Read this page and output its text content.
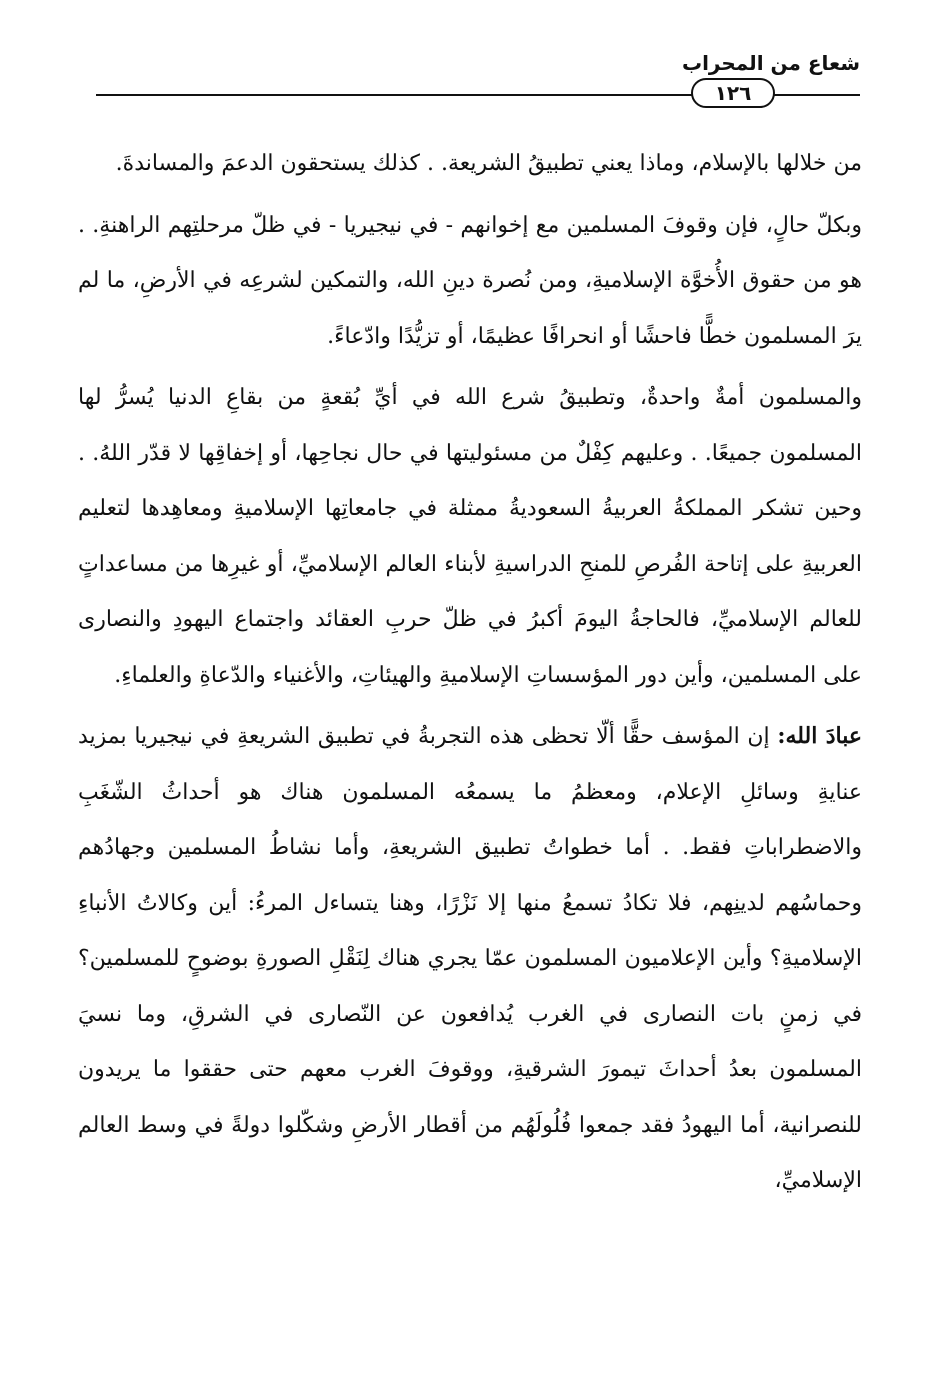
شعاع من المحراب
١٢٦

من خلالها بالإسلام، وماذا يعني تطبيقُ الشريعة. . كذلك يستحقون الدعمَ والمساندةَ.

وبكلّ حالٍ، فإن وقوفَ المسلمين مع إخوانهم - في نيجيريا - في ظلّ مرحلتِهم الراهنةِ. . هو من حقوق الأُخوَّة الإسلاميةِ، ومن نُصرة دينِ الله، والتمكين لشرعِه في الأرضِ، ما لم يرَ المسلمون خطًّا فاحشًا أو انحرافًا عظيمًا، أو تزيُّدًا وادّعاءً.

والمسلمون أمةٌ واحدةٌ، وتطبيقُ شرع الله في أيِّ بُقعةٍ من بقاعِ الدنيا يُسرُّ لها المسلمون جميعًا. . وعليهم كِفْلٌ من مسئوليتها في حال نجاحِها، أو إخفاقِها لا قدّر اللهُ. . وحين تشكر المملكةُ العربيةُ السعوديةُ ممثلة في جامعاتِها الإسلاميةِ ومعاهِدها لتعليم العربيةِ على إتاحة الفُرصِ للمنحِ الدراسيةِ لأبناء العالم الإسلاميِّ، أو غيرِها من مساعداتٍ للعالم الإسلاميِّ، فالحاجةُ اليومَ أكبرُ في ظلّ حربِ العقائد واجتماع اليهودِ والنصارى على المسلمين، وأين دور المؤسساتِ الإسلاميةِ والهيئاتِ، والأغنياء والدّعاةِ والعلماءِ.

عبادَ الله: إن المؤسف حقًّا ألّا تحظى هذه التجربةُ في تطبيق الشريعةِ في نيجيريا بمزيد عنايةِ وسائلِ الإعلام، ومعظمُ ما يسمعُه المسلمون هناك هو أحداثُ الشّغَبِ والاضطراباتِ فقط. . أما خطواتُ تطبيق الشريعةِ، وأما نشاطُ المسلمين وجهادُهم وحماسُهم لدينِهم، فلا تكادُ تسمعُ منها إلا نَزْرًا، وهنا يتساءل المرءُ: أين وكالاتُ الأنباءِ الإسلاميةِ؟ وأين الإعلاميون المسلمون عمّا يجري هناك لِنَقْلِ الصورةِ بوضوحٍ للمسلمين؟ في زمنٍ بات النصارى في الغرب يُدافعون عن النّصارى في الشرقِ، وما نسيَ المسلمون بعدُ أحداثَ تيمورَ الشرقيةِ، ووقوفَ الغرب معهم حتى حققوا ما يريدون للنصرانية، أما اليهودُ فقد جمعوا فُلُولَهُم من أقطار الأرضِ وشكّلوا دولةً في وسط العالم الإسلاميِّ،
